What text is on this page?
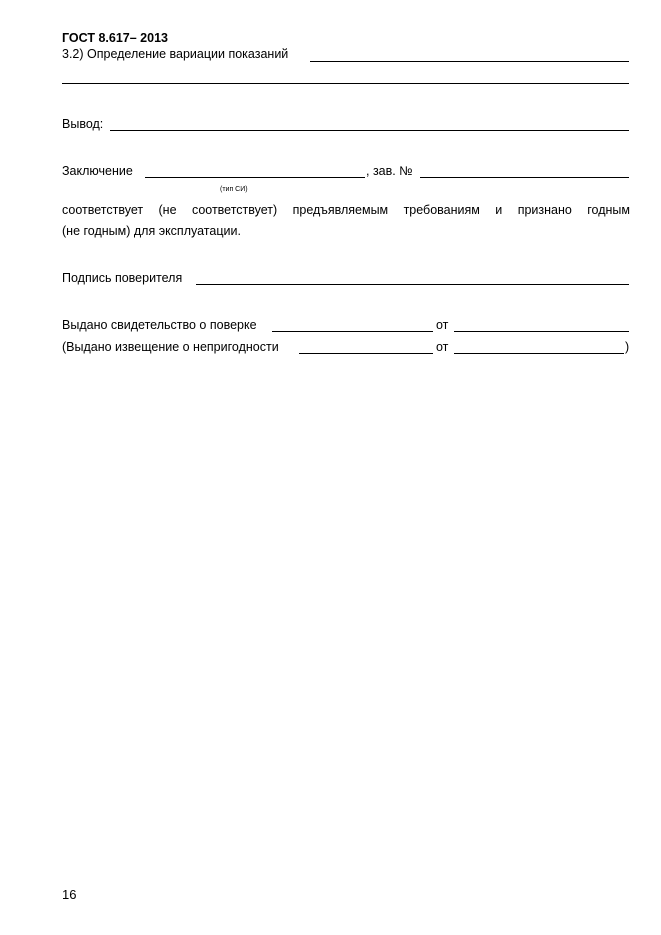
ГОСТ 8.617– 2013
3.2) Определение вариации показаний
Вывод:
Заключение	, зав. №
(тип СИ)
соответствует (не соответствует) предъявляемым требованиям и признано годным
(не годным) для эксплуатации.
Подпись поверителя
Выдано свидетельство о поверке	от
(Выдано извещение о непригодности	от	)
16
